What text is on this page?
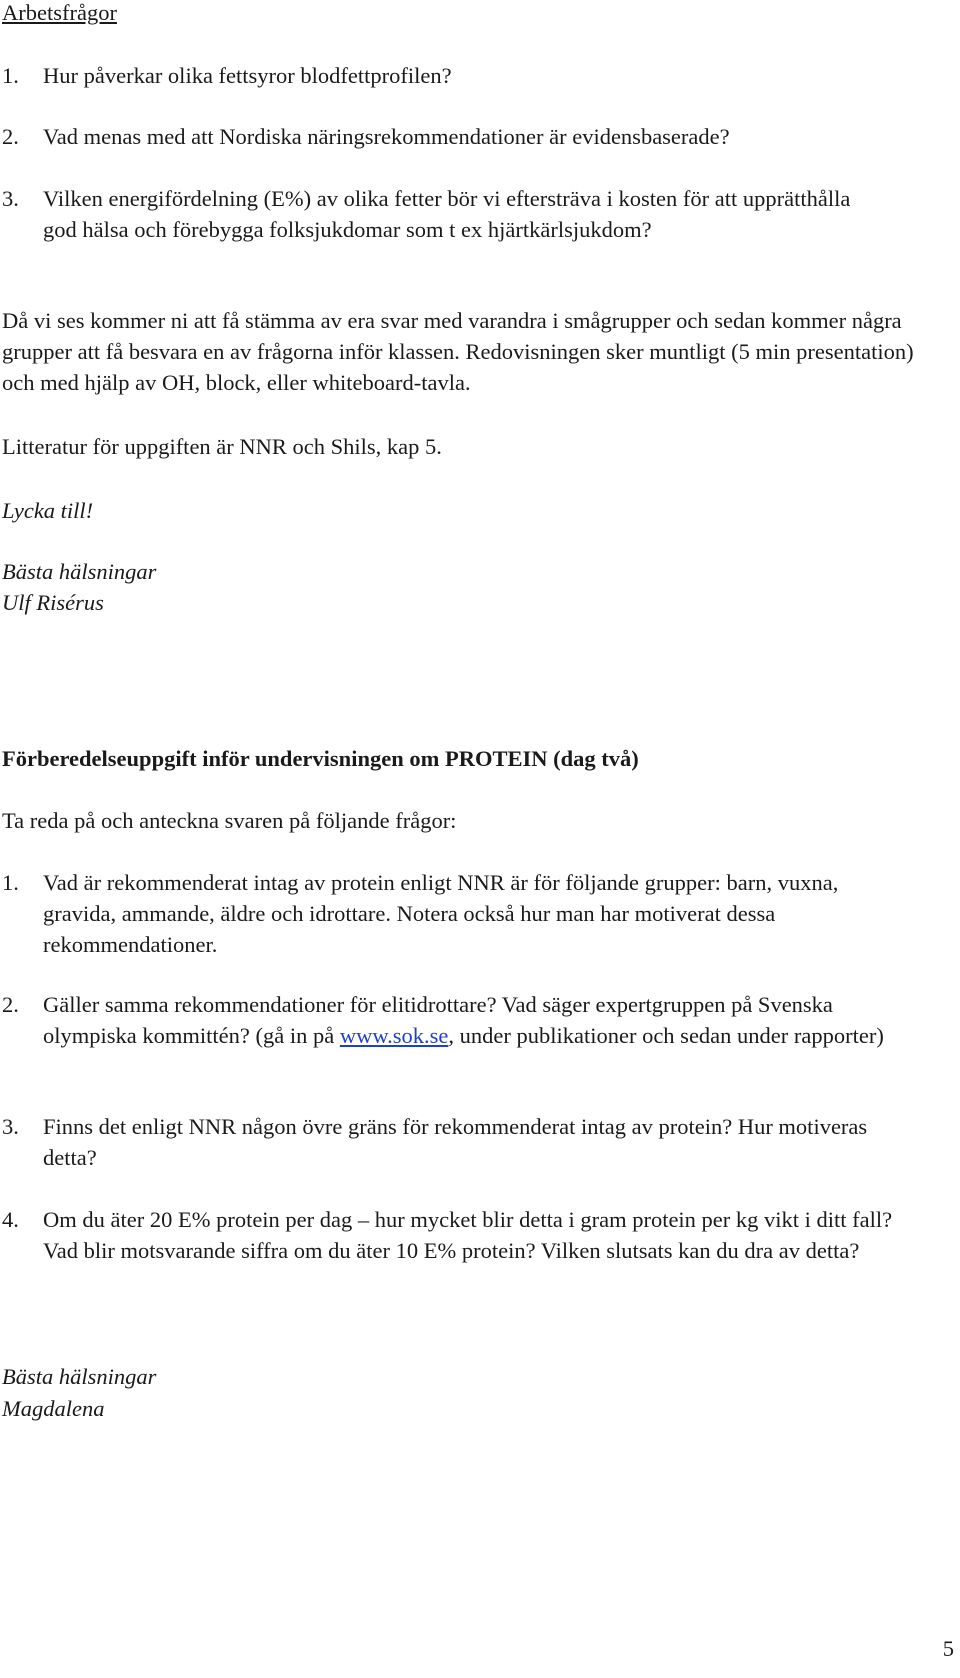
Arbetsfrågor
1. Hur påverkar olika fettsyror blodfettprofilen?
2. Vad menas med att Nordiska näringsrekommendationer är evidensbaserade?
3. Vilken energifördelning (E%) av olika fetter bör vi eftersträva i kosten för att upprätthålla god hälsa och förebygga folksjukdomar som t ex hjärtkärlsjukdom?
Då vi ses kommer ni att få stämma av era svar med varandra i smågrupper och sedan kommer några grupper att få besvara en av frågorna inför klassen. Redovisningen sker muntligt (5 min presentation) och med hjälp av OH, block, eller whiteboard-tavla.
Litteratur för uppgiften är NNR och Shils, kap 5.
Lycka till!
Bästa hälsningar
Ulf Risérus
Förberedelseuppgift inför undervisningen om PROTEIN (dag två)
Ta reda på och anteckna svaren på följande frågor:
1. Vad är rekommenderat intag av protein enligt NNR är för följande grupper: barn, vuxna, gravida, ammande, äldre och idrottare. Notera också hur man har motiverat dessa rekommendationer.
2. Gäller samma rekommendationer för elitidrottare? Vad säger expertgruppen på Svenska olympiska kommittén? (gå in på www.sok.se, under publikationer och sedan under rapporter)
3. Finns det enligt NNR någon övre gräns för rekommenderat intag av protein? Hur motiveras detta?
4. Om du äter 20 E% protein per dag – hur mycket blir detta i gram protein per kg vikt i ditt fall? Vad blir motsvarande siffra om du äter 10 E% protein? Vilken slutsats kan du dra av detta?
Bästa hälsningar
Magdalena
5
